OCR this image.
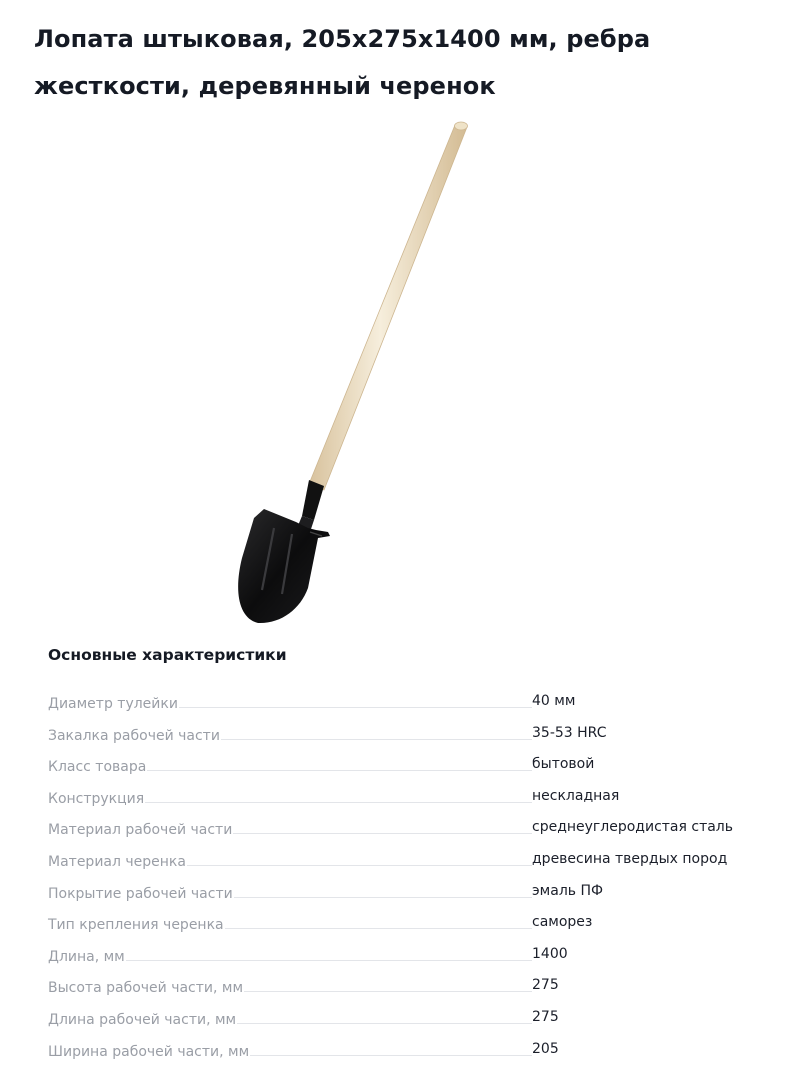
Лопата штыковая, 205x275x1400 мм, ребра жесткости, деревянный черенок
Основные характеристики
Диаметр тулейки	40 мм
Закалка рабочей части	35-53 HRC
Класс товара	бытовой
Конструкция	нескладная
Материал рабочей части	среднеуглеродистая сталь
Материал черенка	древесина твердых пород
Покрытие рабочей части	эмаль ПФ
Тип крепления черенка	саморез
Длина, мм	1400
Высота рабочей части, мм	275
Длина рабочей части, мм	275
Ширина рабочей части, мм	205
